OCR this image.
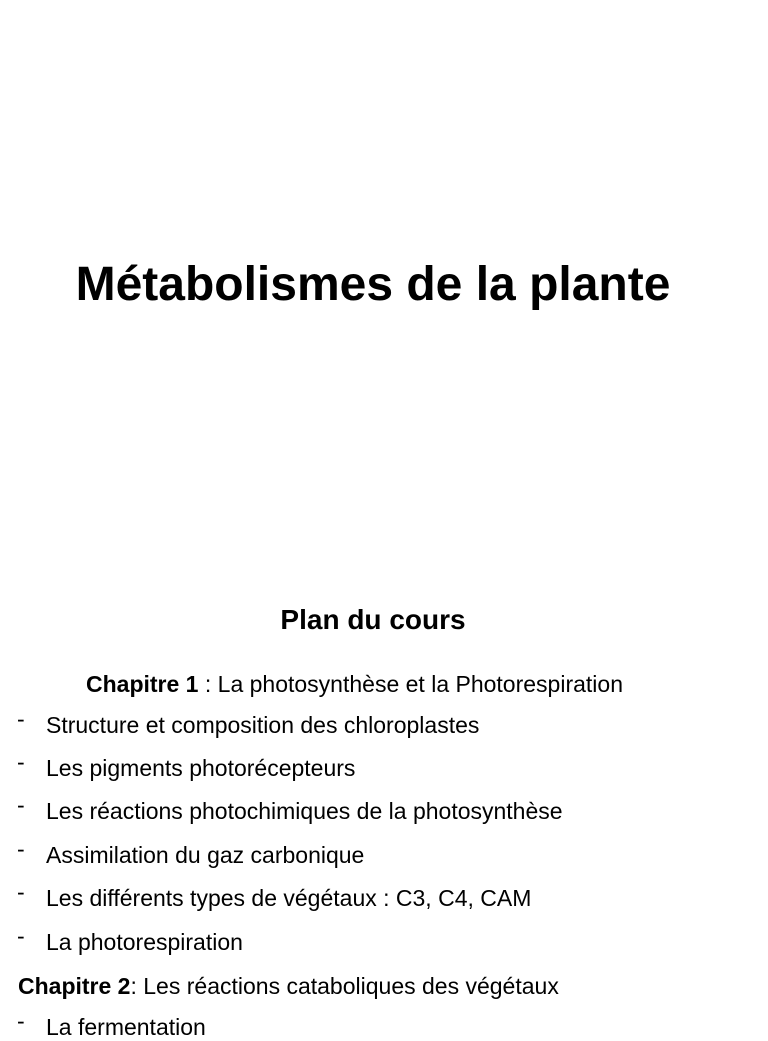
Métabolismes de la plante
Plan du cours
Chapitre 1 : La photosynthèse et la Photorespiration
- Structure et composition des chloroplastes
- Les pigments photorécepteurs
- Les réactions photochimiques de la photosynthèse
- Assimilation du gaz carbonique
- Les différents types de végétaux : C3, C4, CAM
- La photorespiration
Chapitre 2: Les réactions cataboliques des végétaux
- La fermentation
